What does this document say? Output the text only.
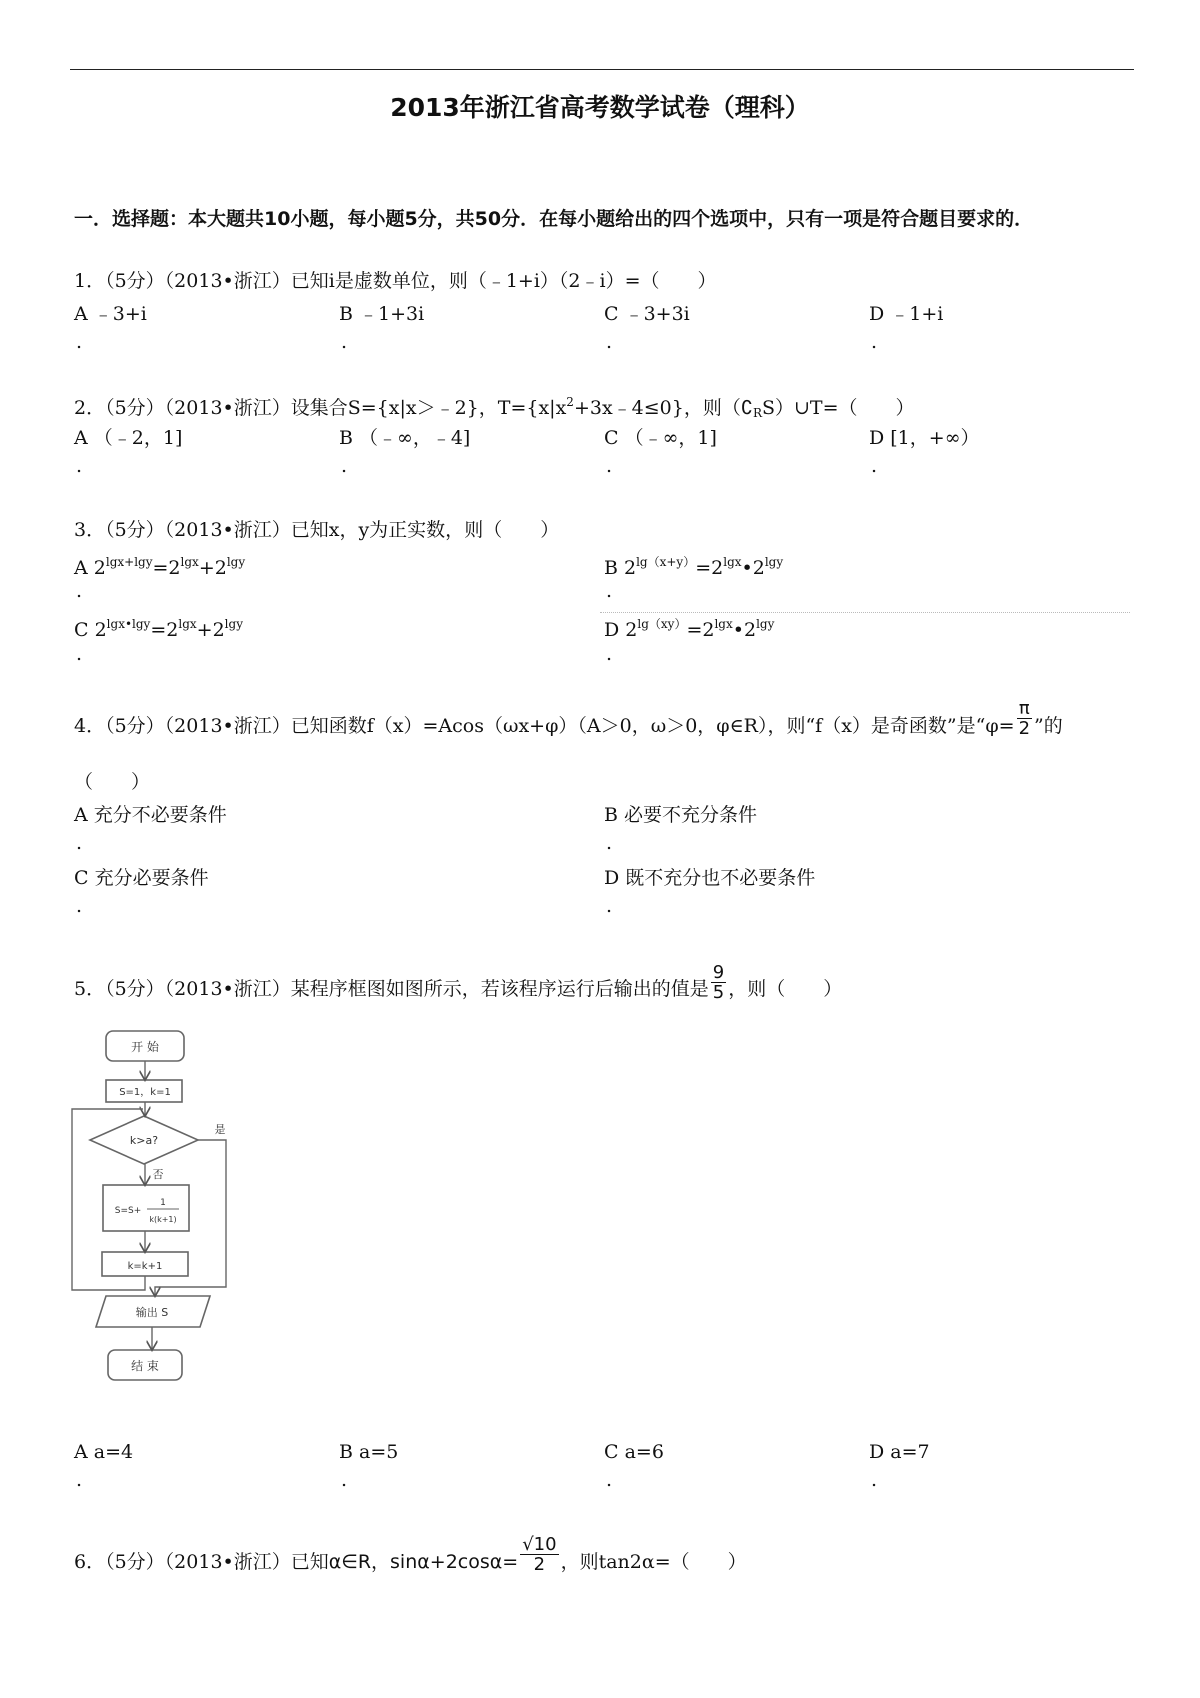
2013年浙江省高考数学试卷（理科）
一．选择题：本大题共10小题，每小题5分，共50分．在每小题给出的四个选项中，只有一项是符合题目要求的．
1．（5分）（2013•浙江）已知i是虚数单位，则（﹣1+i）（2﹣i）=（　　）
A ﹣3+i	B ﹣1+3i	C ﹣3+3i	D ﹣1+i
.	.	.	.
2．（5分）（2013•浙江）设集合S={x|x＞﹣2}，$T=\{x|x^2+3x﹣4\le 0\}$，则$(∁_RS)\cup T=$（　　）
A （﹣2，1]	B （﹣∞，﹣4]	C （﹣∞，1]	D [1，+∞）
.	.	.	.
3．（5分）（2013•浙江）已知x，y为正实数，则（　　）
A $2^{lgx+lgy}=2^{lgx}+2^{lgy}$	B $2^{lg(x+y)}=2^{lgx}•2^{lgy}$
.	.
C $2^{lgx•lgy}=2^{lgx}+2^{lgy}$	D $2^{lg(xy)}=2^{lgx}•2^{lgy}$
.	.
4．（5分）（2013•浙江）已知函数f（x）=Acos（ωx+φ）（A＞0，ω＞0，φ∈R），则“f（x）是奇函数”是“$\varphi= \frac{\pi}{2}$ ”的
（　　）
A 充分不必要条件	B 必要不充分条件
.	.
C 充分必要条件	D 既不充分也不必要条件
.	.
5．（5分）（2013•浙江）某程序框图如图所示，若该程序运行后输出的值是 $\frac{9}{5}$ ，则（　　）
开 始
S=1，k=1
k>a?
是
否
S=S+
1
k(k+1)
k=k+1
输出 S
结 束
A a=4	B a=5	C a=6	D a=7
.	.	.	.
6．（5分）（2013•浙江）已知α∈R，$\sin\alpha+2\cos\alpha= \frac{√10}{2}$ ，则tan2α=（　　）
